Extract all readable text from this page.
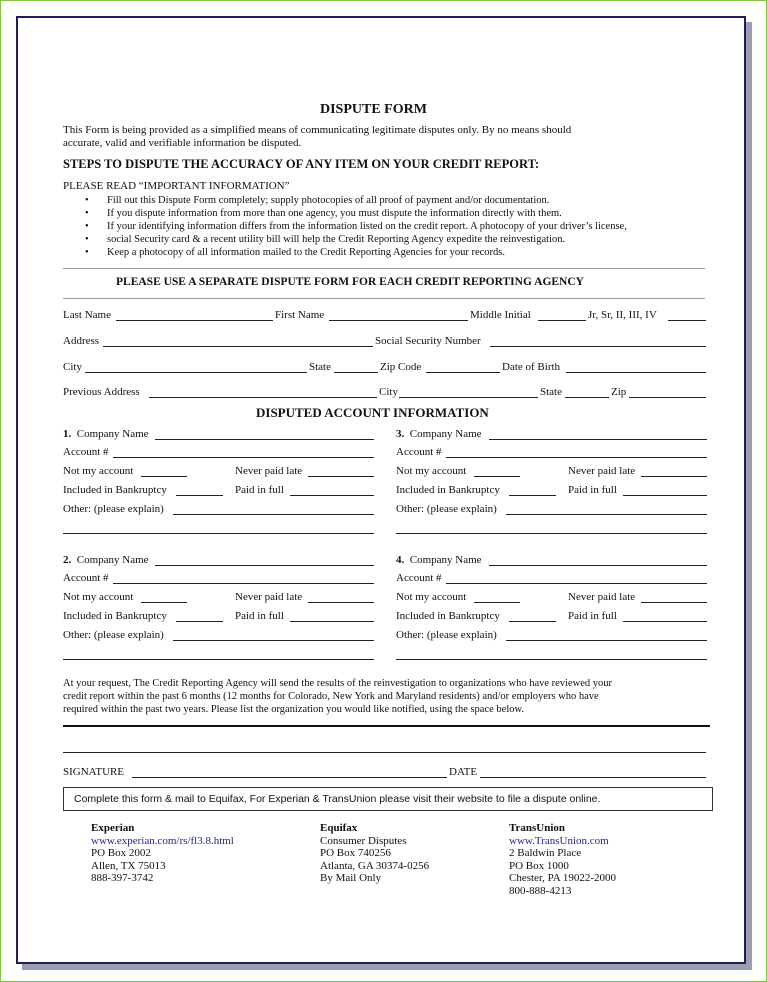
DISPUTE FORM
This Form is being provided as a simplified means of communicating legitimate disputes only. By no means should
accurate, valid and verifiable information be disputed.
STEPS TO DISPUTE THE ACCURACY OF ANY ITEM ON YOUR CREDIT REPORT:
PLEASE READ “IMPORTANT INFORMATION”
• Fill out this Dispute Form completely; supply photocopies of all proof of payment and/or documentation.
• If you dispute information from more than one agency, you must dispute the information directly with them.
• If your identifying information differs from the information listed on the credit report. A photocopy of your driver’s license,
• social Security card & a recent utility bill will help the Credit Reporting Agency expedite the reinvestigation.
• Keep a photocopy of all information mailed to the Credit Reporting Agencies for your records.
PLEASE USE A SEPARATE DISPUTE FORM FOR EACH CREDIT REPORTING AGENCY
Last Name	First Name	Middle Initial	Jr, Sr, II, III, IV
Address	Social Security Number
City	State	Zip Code	Date of Birth
Previous Address	City	State	Zip
DISPUTED ACCOUNT INFORMATION
1. Company Name
Account #
Not my account	Never paid late
Included in Bankruptcy	Paid in full
Other: (please explain)
3. Company Name
Account #
Not my account	Never paid late
Included in Bankruptcy	Paid in full
Other: (please explain)
2. Company Name
Account #
Not my account	Never paid late
Included in Bankruptcy	Paid in full
Other: (please explain)
4. Company Name
Account #
Not my account	Never paid late
Included in Bankruptcy	Paid in full
Other: (please explain)
At your request, The Credit Reporting Agency will send the results of the reinvestigation to organizations who have reviewed your
credit report within the past 6 months (12 months for Colorado, New York and Maryland residents) and/or employers who have
required within the past two years. Please list the organization you would like notified, using the space below.
SIGNATURE	DATE
Complete this form & mail to Equifax, For Experian & TransUnion please visit their website to file a dispute online.
Experian
www.experian.com/rs/fl3.8.html
PO Box 2002
Allen, TX 75013
888-397-3742
Equifax
Consumer Disputes
PO Box 740256
Atlanta, GA 30374-0256
By Mail Only
TransUnion
www.TransUnion.com
2 Baldwin Place
PO Box 1000
Chester, PA 19022-2000
800-888-4213
